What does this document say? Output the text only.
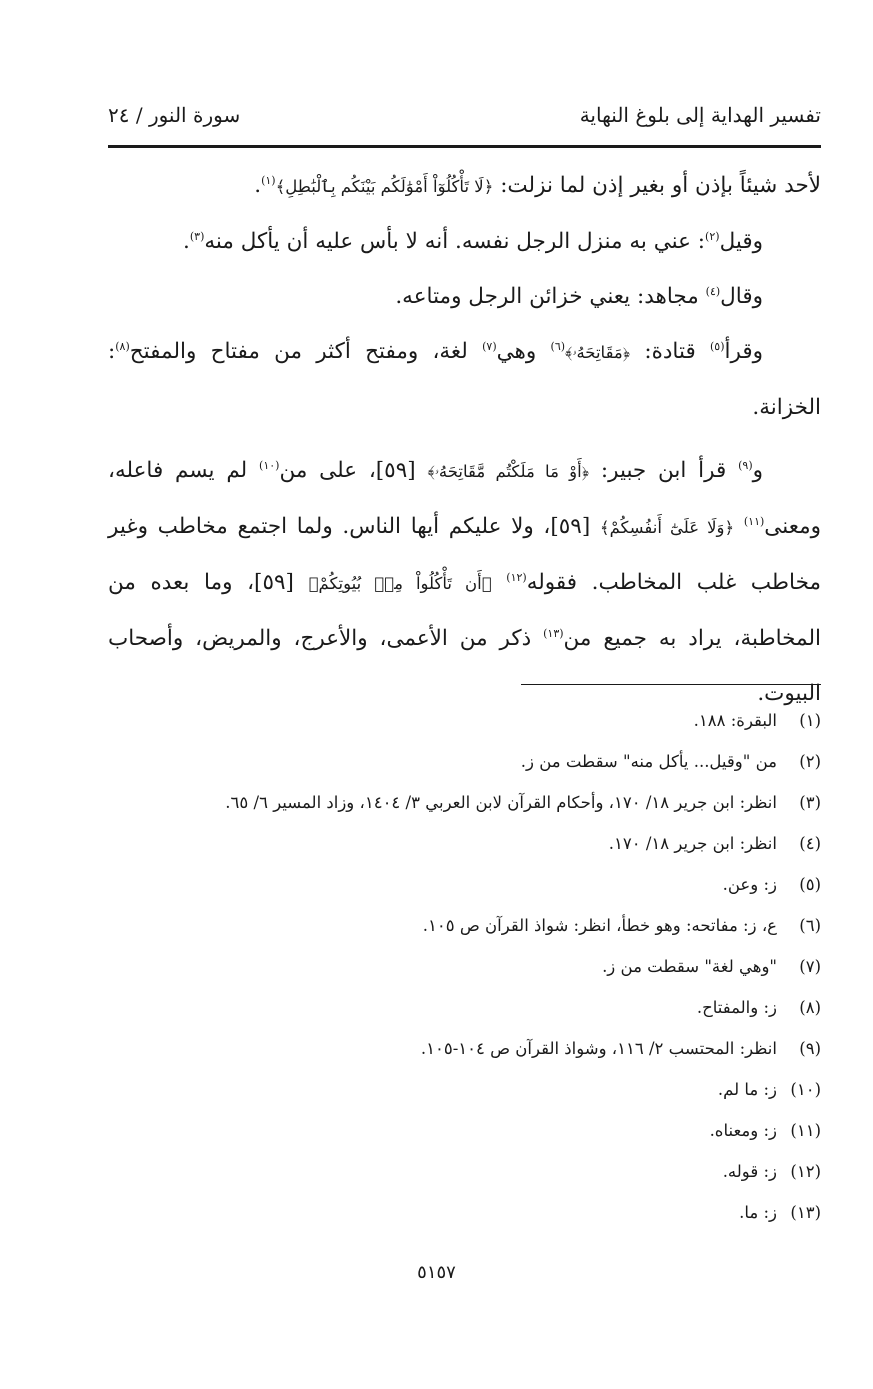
تفسير الهداية إلى بلوغ النهاية
سورة النور / ٢٤

لأحد شيئاً بإذن أو بغير إذن لما نزلت: ﴿لَا تَأْكُلُوٓاْ أَمْوَٰلَكُم بَيْنَكُم بِٱلْبَٰطِلِ﴾$^{(١)}$.

وقيل$^{(٢)}$: عني به منزل الرجل نفسه. أنه لا بأس عليه أن يأكل منه$^{(٣)}$.

وقال$^{(٤)}$ مجاهد: يعني خزائن الرجل ومتاعه.

وقرأ$^{(٥)}$ قتادة: ﴿مَقَاتِحَهُۥ﴾$^{(٦)}$ وهي$^{(٧)}$ لغة، ومفتح أكثر من مفتاح والمفتح$^{(٨)}$: الخزانة.

و$^{(٩)}$ قرأ ابن جبير: ﴿أَوْ مَا مَلَكْتُم مَّقَاتِحَهُۥ﴾ [٥٩]، على من$^{(١٠)}$ لم يسم فاعله، ومعنى$^{(١١)}$ ﴿وَلَا عَلَىٰٓ أَنفُسِكُمْ﴾ [٥٩]، ولا عليكم أيها الناس. ولما اجتمع مخاطب وغير مخاطب غلب المخاطب. فقوله$^{(١٢)}$ ﴿أَن تَأْكُلُواْ مِنۢ بُيُوتِكُمْ﴾ [٥٩]، وما بعده من المخاطبة، يراد به جميع من$^{(١٣)}$ ذكر من الأعمى، والأعرج، والمريض، وأصحاب البيوت.

(١)
البقرة: ١٨٨.
(٢)
من "وقيل... يأكل منه" سقطت من ز.
(٣)
انظر: ابن جرير ١٨/ ١٧٠، وأحكام القرآن لابن العربي ٣/ ١٤٠٤، وزاد المسير ٦/ ٦٥.
(٤)
انظر: ابن جرير ١٨/ ١٧٠.
(٥)
ز: وعن.
(٦)
ع، ز: مفاتحه: وهو خطأ، انظر: شواذ القرآن ص ١٠٥.
(٧)
"وهي لغة" سقطت من ز.
(٨)
ز: والمفتاح.
(٩)
انظر: المحتسب ٢/ ١١٦، وشواذ القرآن ص ١٠٤-١٠٥.
(١٠)
ز: ما لم.
(١١)
ز: ومعناه.
(١٢)
ز: قوله.
(١٣)
ز: ما.
٥١٥٧
